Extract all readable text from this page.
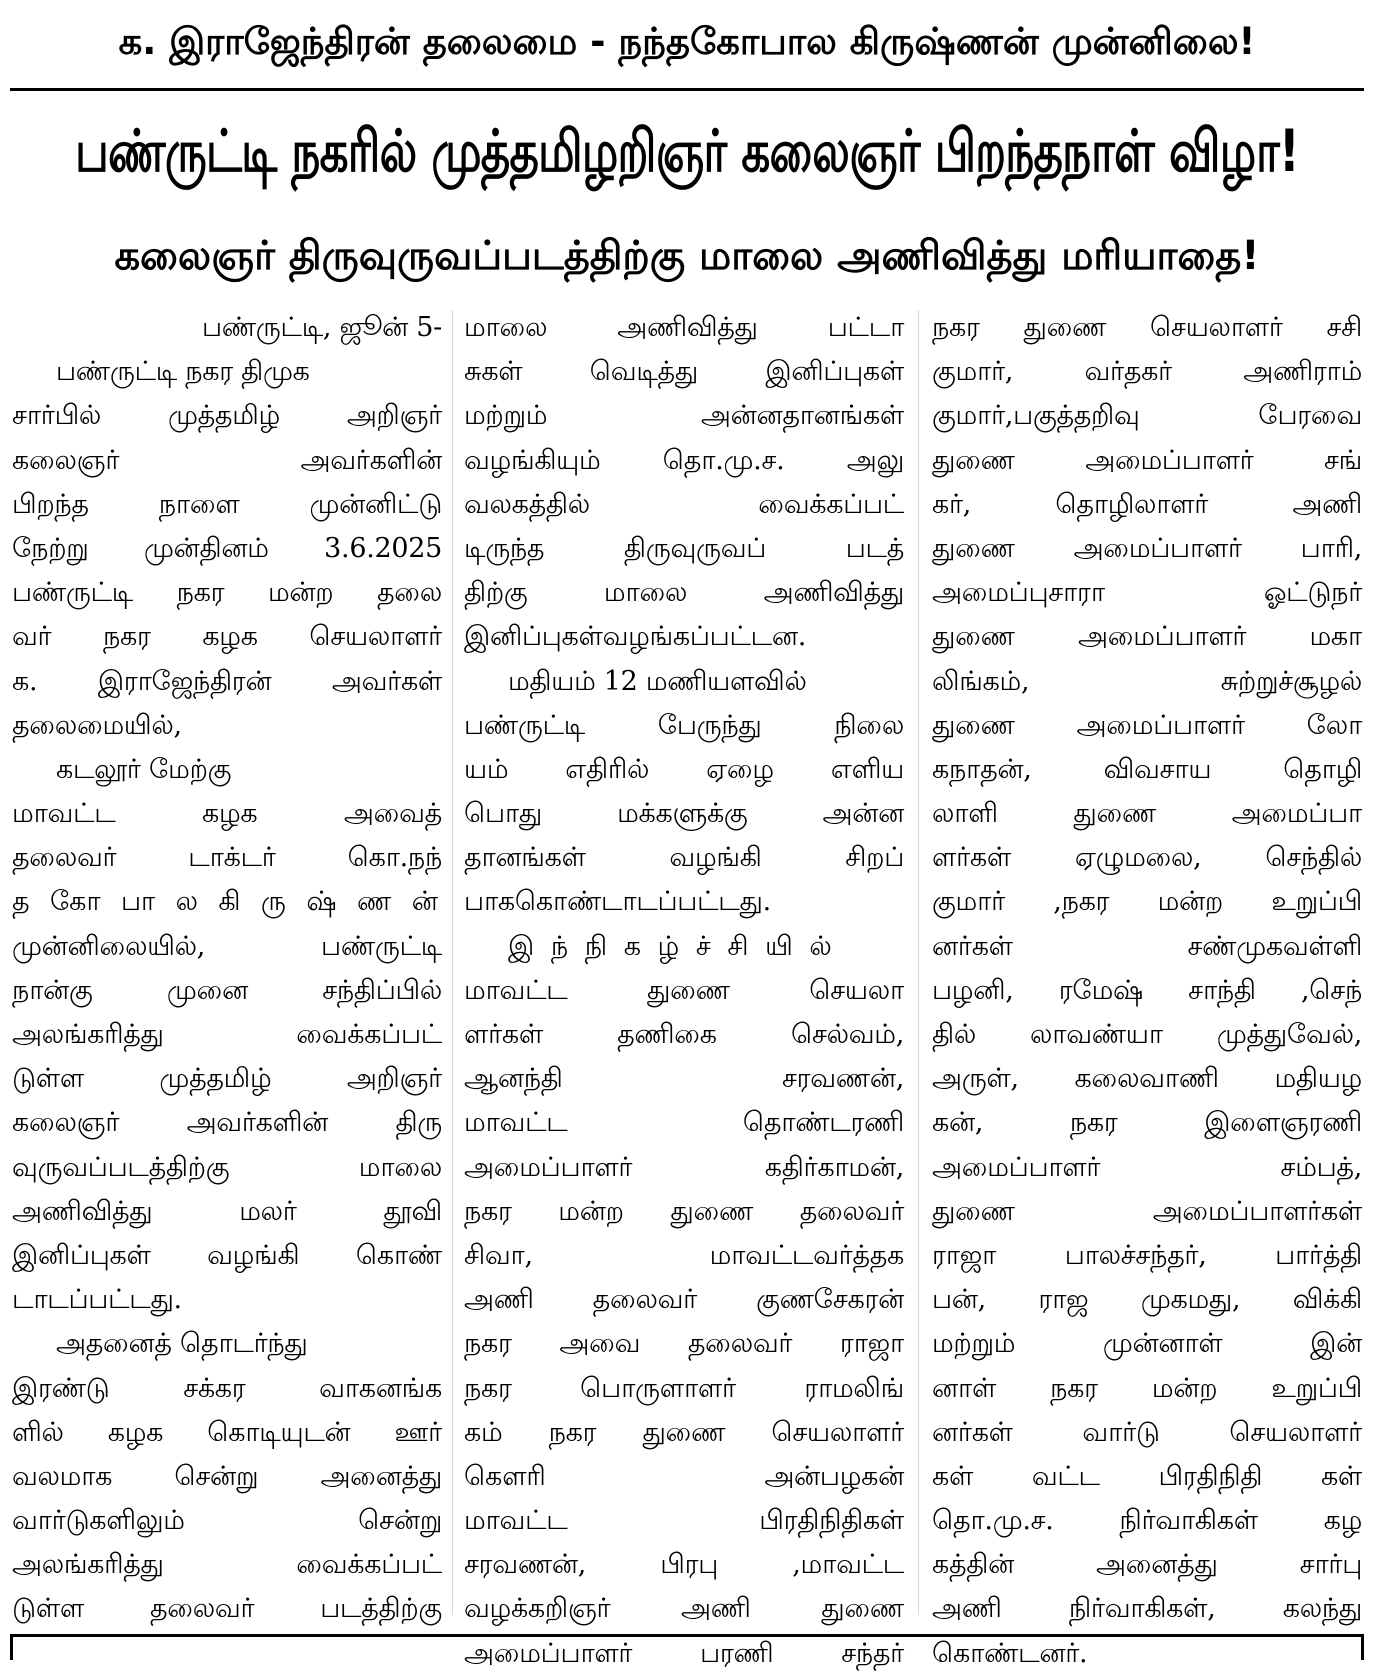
க. இராஜேந்திரன் தலைமை - நந்தகோபால கிருஷ்ணன் முன்னிலை!
பண்ருட்டி நகரில் முத்தமிழறிஞர் கலைஞர் பிறந்தநாள் விழா!
கலைஞர் திருவுருவப்படத்திற்கு மாலை அணிவித்து மரியாதை!
பண்ருட்டி, ஜூன் 5-
பண்ருட்டி நகர திமுக
சார்பில் முத்தமிழ் அறிஞர்
கலைஞர்	அவர்களின்
பிறந்த	நாளை	முன்னிட்டு
நேற்று முன்தினம் 3.6.2025
பண்ருட்டி நகர மன்ற தலை
வர் நகர கழக செயலாளர்
க. இராஜேந்திரன் அவர்கள்
தலைமையில்,
கடலூர் மேற்கு
மாவட்ட	கழக	அவைத்
தலைவர்	டாக்டர்	கொ.நந்
த கோ பா ல கி ரு ஷ் ண ன்
முன்னிலையில்,	பண்ருட்டி
நான்கு	முனை	சந்திப்பில்
அலங்கரித்து	வைக்கப்பட்
டுள்ள	முத்தமிழ்	அறிஞர்
கலைஞர் அவர்களின் திரு
வுருவப்படத்திற்கு	மாலை
அணிவித்து	மலர்	தூவி
இனிப்புகள் வழங்கி கொண்
டாடப்பட்டது.
அதனைத் தொடர்ந்து
இரண்டு	சக்கர	வாகனங்க
ளில் கழக கொடியுடன் ஊர்
வலமாக சென்று அனைத்து
வார்டுகளிலும்	சென்று
அலங்கரித்து	வைக்கப்பட்
டுள்ள தலைவர் படத்திற்கு
மாலை	அணிவித்து	பட்டா
சுகள் வெடித்து இனிப்புகள்
மற்றும்	அன்னதானங்கள்
வழங்கியும் தொ.மு.ச. அலு
வலகத்தில்	வைக்கப்பட்
டிருந்த	திருவுருவப்	படத்
திற்கு	மாலை	அணிவித்து
இனிப்புகள்வழங்கப்பட்டன.
மதியம் 12 மணியளவில்
பண்ருட்டி	பேருந்து	நிலை
யம் எதிரில் ஏழை எளிய
பொது	மக்களுக்கு	அன்ன
தானங்கள்	வழங்கி	சிறப்
பாககொண்டாடப்பட்டது.
இ ந் நி க ழ் ச் சி யி ல்
மாவட்ட	துணை	செயலா
ளர்கள்	தணிகை	செல்வம்,
ஆனந்தி	சரவணன்,
மாவட்ட	தொண்டரணி
அமைப்பாளர்	கதிர்காமன்,
நகர மன்ற துணை தலைவர்
சிவா,	மாவட்டவர்த்தக
அணி தலைவர் குணசேகரன்
நகர அவை தலைவர் ராஜா
நகர	பொருளாளர்	ராமலிங்
கம் நகர துணை செயலாளர்
கௌரி	அன்பழகன்
மாவட்ட	பிரதிநிதிகள்
சரவணன்,	பிரபு	,மாவட்ட
வழக்கறிஞர்	அணி	துணை
அமைப்பாளர்	பரணி	சந்தர்
நகர துணை செயலாளர் சசி
குமார்,	வர்தகர்	அணிராம்
குமார்,பகுத்தறிவு	பேரவை
துணை	அமைப்பாளர்	சங்
கர்,	தொழிலாளர்	அணி
துணை அமைப்பாளர் பாரி,
அமைப்புசாரா	ஓட்டுநர்
துணை அமைப்பாளர் மகா
லிங்கம்,	சுற்றுச்சூழல்
துணை அமைப்பாளர் லோ
கநாதன்,	விவசாய	தொழி
லாளி	துணை	அமைப்பா
ளர்கள் ஏழுமலை, செந்தில்
குமார் ,நகர மன்ற உறுப்பி
னர்கள்	சண்முகவள்ளி
பழனி, ரமேஷ் சாந்தி ,செந்
தில் லாவண்யா முத்துவேல்,
அருள், கலைவாணி மதியழ
கன்,	நகர	இளைஞரணி
அமைப்பாளர்	சம்பத்,
துணை	அமைப்பாளர்கள்
ராஜா	பாலச்சந்தர்,	பார்த்தி
பன், ராஜ முகமது, விக்கி
மற்றும்	முன்னாள்	இன்
னாள் நகர மன்ற உறுப்பி
னர்கள்	வார்டு	செயலாளர்
கள் வட்ட பிரதிநிதி கள்
தொ.மு.ச. நிர்வாகிகள் கழ
கத்தின்	அனைத்து	சார்பு
அணி நிர்வாகிகள், கலந்து
கொண்டனர்.
